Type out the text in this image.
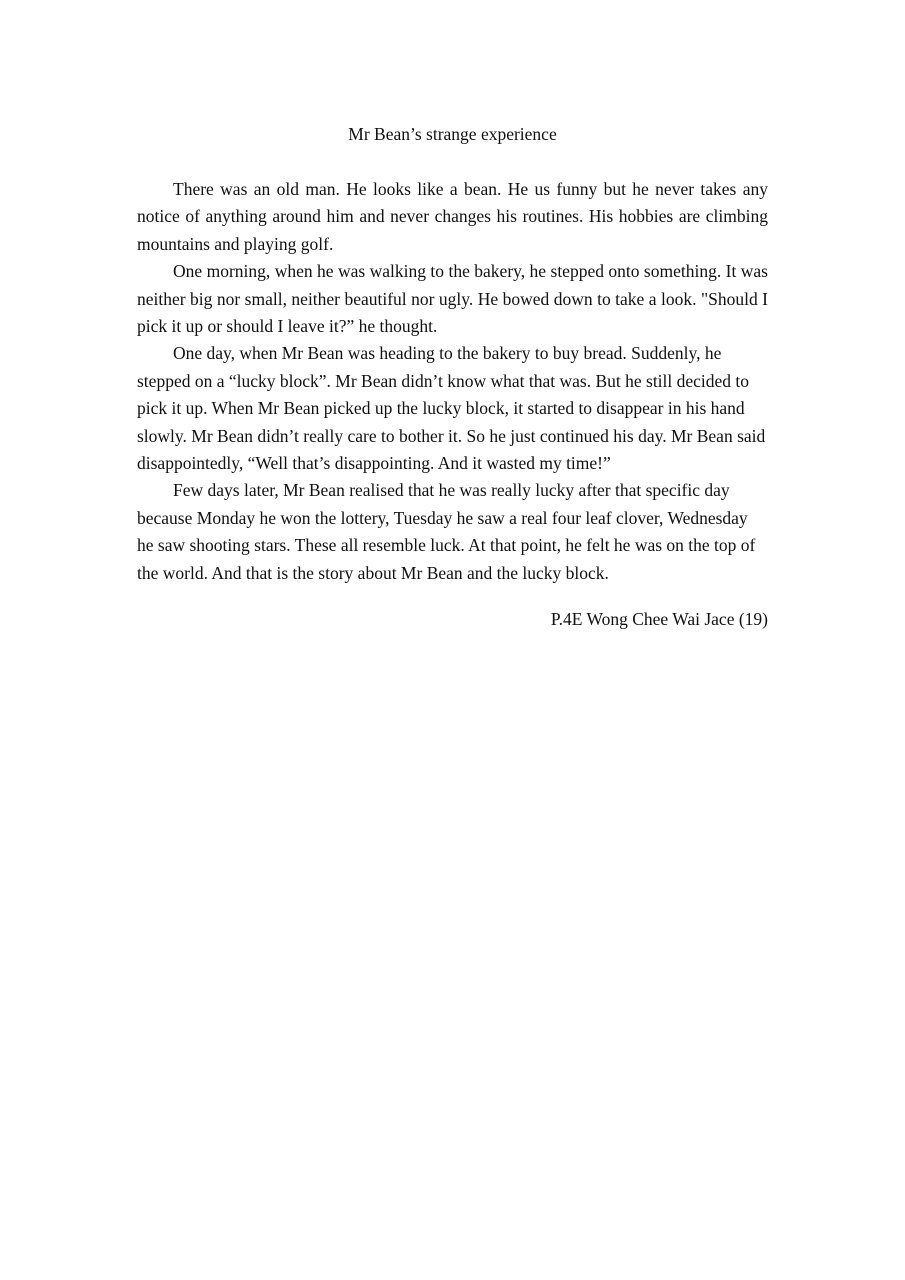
Mr Bean’s strange experience

There was an old man. He looks like a bean. He us funny but he never takes any notice of anything around him and never changes his routines. His hobbies are climbing mountains and playing golf.

One morning, when he was walking to the bakery, he stepped onto something. It was neither big nor small, neither beautiful nor ugly. He bowed down to take a look. "Should I pick it up or should I leave it?” he thought.

One day, when Mr Bean was heading to the bakery to buy bread. Suddenly, he stepped on a “lucky block”. Mr Bean didn’t know what that was. But he still decided to pick it up. When Mr Bean picked up the lucky block, it started to disappear in his hand slowly. Mr Bean didn’t really care to bother it. So he just continued his day. Mr Bean said disappointedly, “Well that’s disappointing. And it wasted my time!”

Few days later, Mr Bean realised that he was really lucky after that specific day because Monday he won the lottery, Tuesday he saw a real four leaf clover, Wednesday he saw shooting stars. These all resemble luck. At that point, he felt he was on the top of the world. And that is the story about Mr Bean and the lucky block.

P.4E Wong Chee Wai Jace (19)
